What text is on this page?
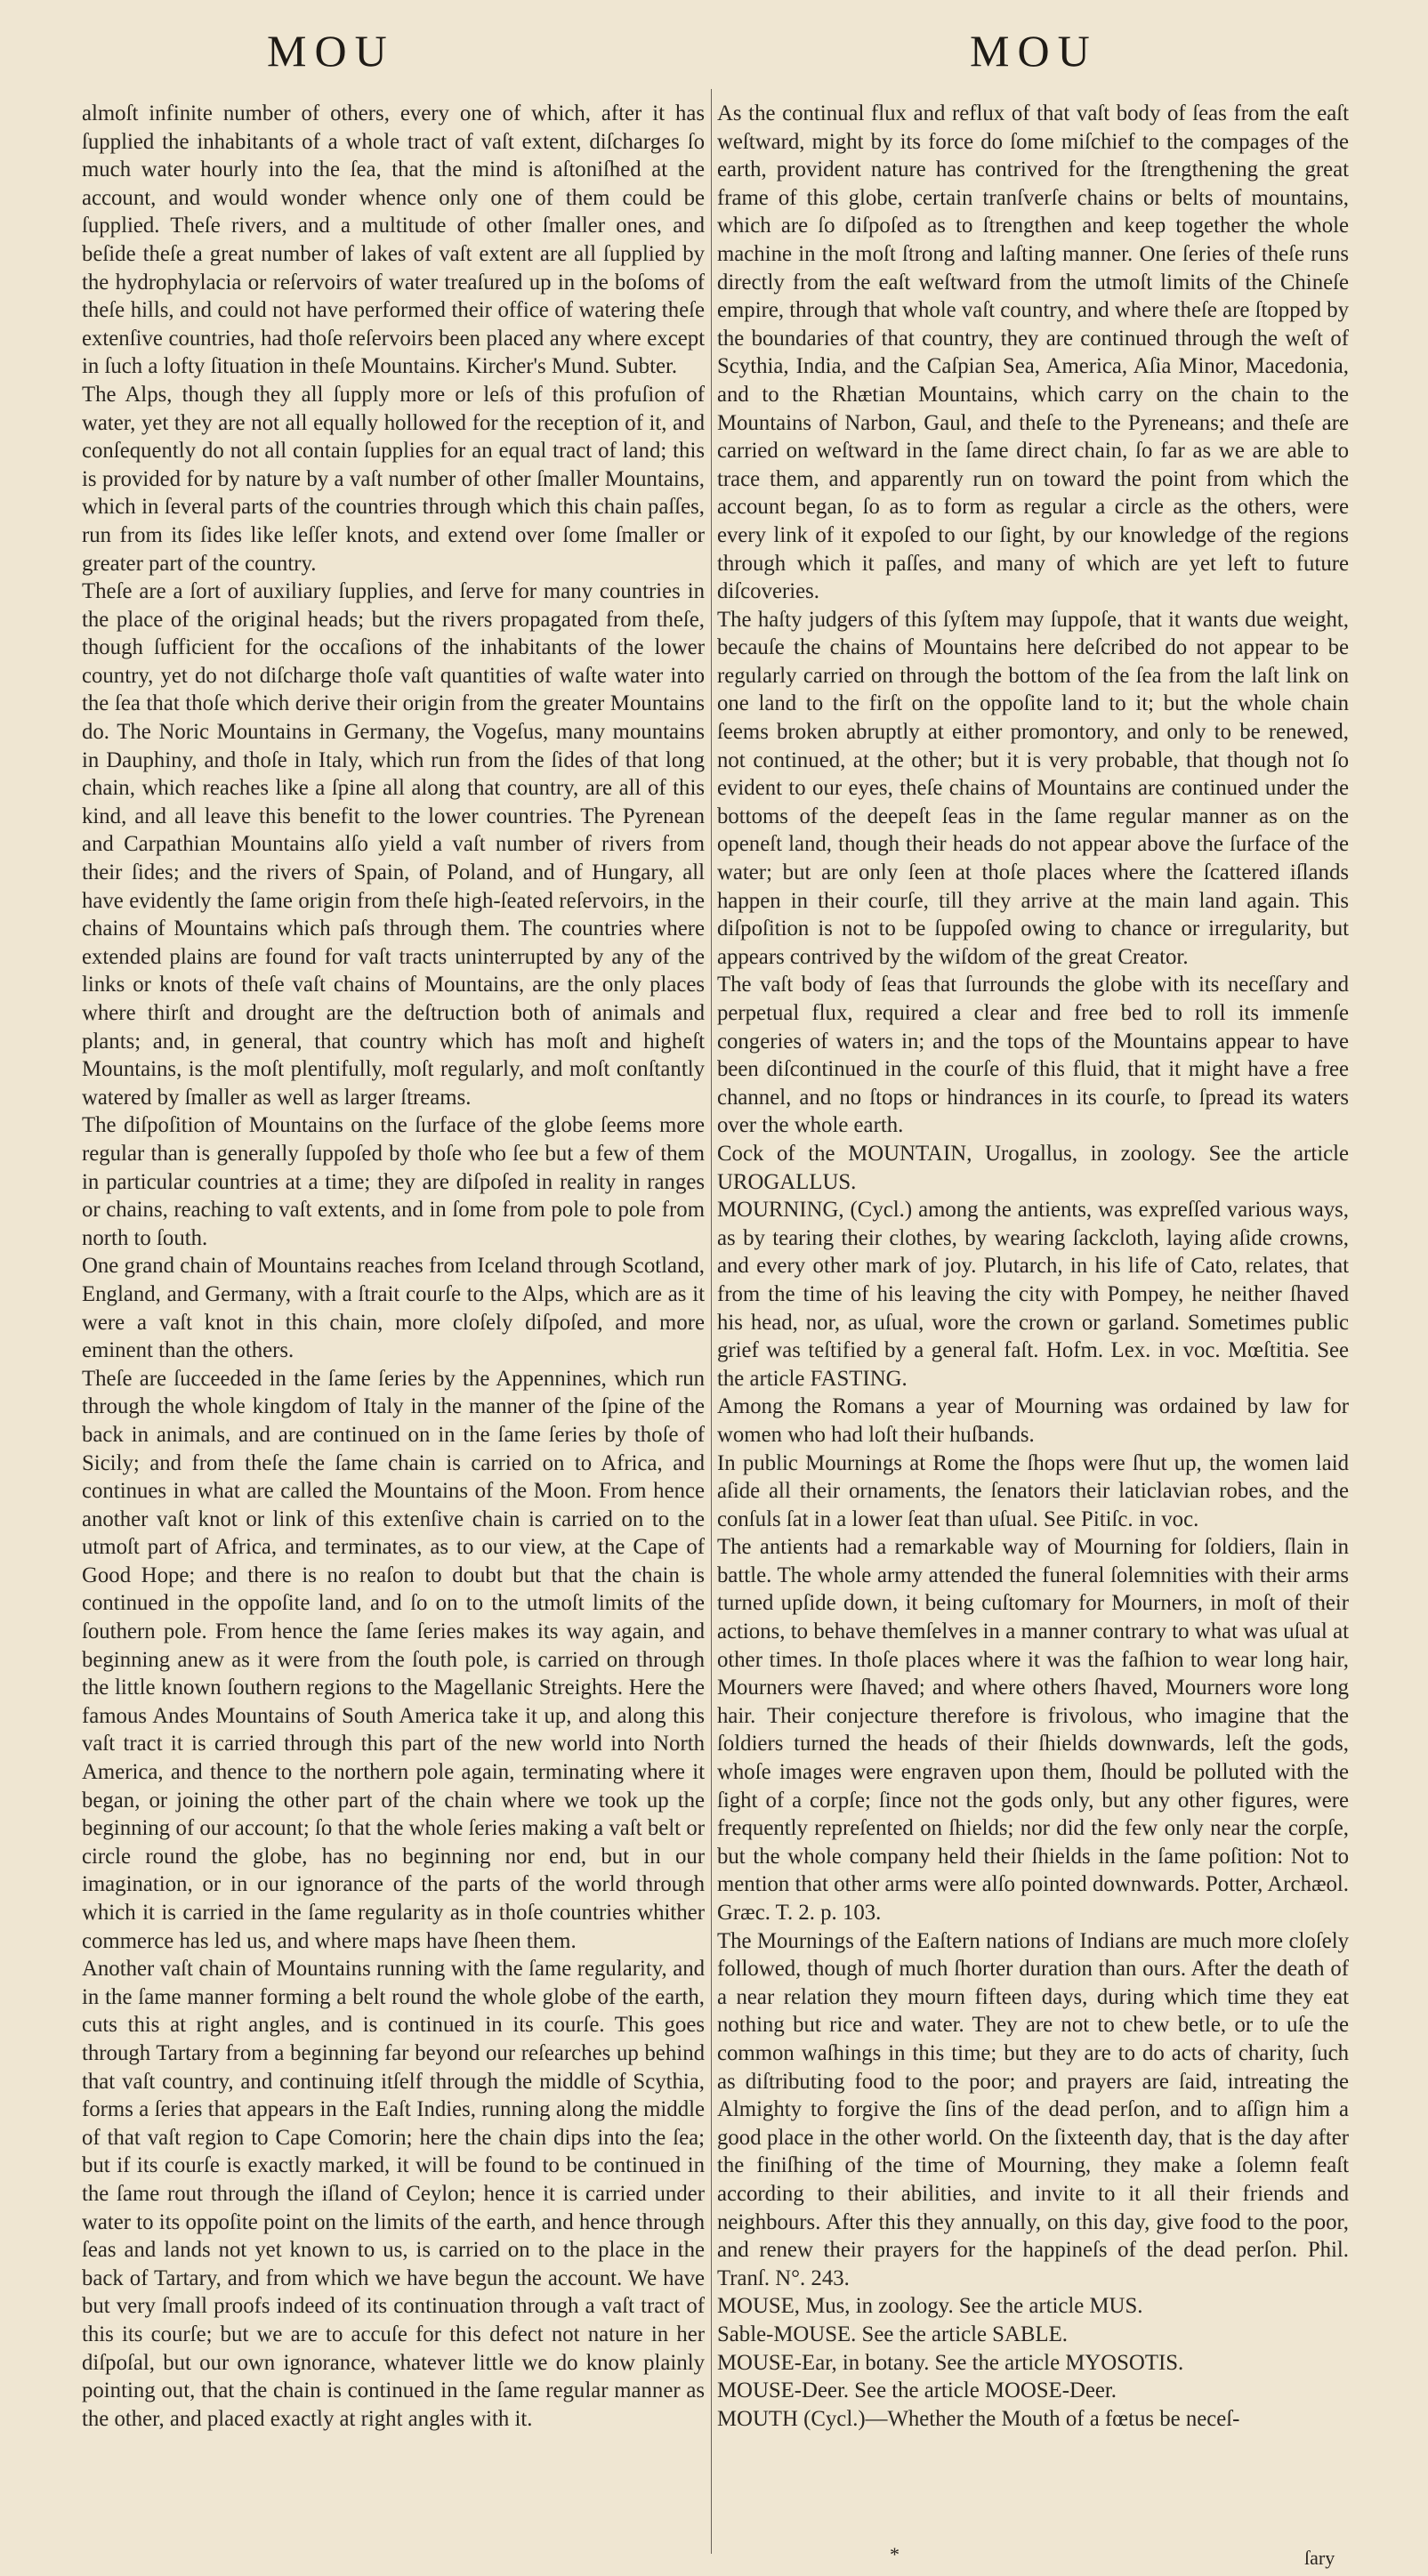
MOU	MOU

almoſt infinite number of others, every one of which, after it has ſupplied the inhabitants of a whole tract of vaſt extent, diſcharges ſo much water hourly into the ſea, that the mind is aſtoniſhed at the account, and would wonder whence only one of them could be ſupplied. Theſe rivers, and a multitude of other ſmaller ones, and beſide theſe a great number of lakes of vaſt extent are all ſupplied by the hydrophylacia or reſervoirs of water treaſured up in the boſoms of theſe hills, and could not have performed their office of watering theſe extenſive countries, had thoſe reſervoirs been placed any where except in ſuch a lofty ſituation in theſe Mountains. Kircher's Mund. Subter.

The Alps, though they all ſupply more or leſs of this profuſion of water, yet they are not all equally hollowed for the reception of it, and conſequently do not all contain ſupplies for an equal tract of land; this is provided for by nature by a vaſt number of other ſmaller Mountains, which in ſeveral parts of the countries through which this chain paſſes, run from its ſides like leſſer knots, and extend over ſome ſmaller or greater part of the country.

Theſe are a ſort of auxiliary ſupplies, and ſerve for many countries in the place of the original heads; but the rivers propagated from theſe, though ſufficient for the occaſions of the inhabitants of the lower country, yet do not diſcharge thoſe vaſt quantities of waſte water into the ſea that thoſe which derive their origin from the greater Mountains do. The Noric Mountains in Germany, the Vogeſus, many mountains in Dauphiny, and thoſe in Italy, which run from the ſides of that long chain, which reaches like a ſpine all along that country, are all of this kind, and all leave this benefit to the lower countries. The Pyrenean and Carpathian Mountains alſo yield a vaſt number of rivers from their ſides; and the rivers of Spain, of Poland, and of Hungary, all have evidently the ſame origin from theſe high-ſeated reſervoirs, in the chains of Mountains which paſs through them. The countries where extended plains are found for vaſt tracts uninterrupted by any of the links or knots of theſe vaſt chains of Mountains, are the only places where thirſt and drought are the deſtruction both of animals and plants; and, in general, that country which has moſt and higheſt Mountains, is the moſt plentifully, moſt regularly, and moſt conſtantly watered by ſmaller as well as larger ſtreams.

The diſpoſition of Mountains on the ſurface of the globe ſeems more regular than is generally ſuppoſed by thoſe who ſee but a few of them in particular countries at a time; they are diſpoſed in reality in ranges or chains, reaching to vaſt extents, and in ſome from pole to pole from north to ſouth.

One grand chain of Mountains reaches from Iceland through Scotland, England, and Germany, with a ſtrait courſe to the Alps, which are as it were a vaſt knot in this chain, more cloſely diſpoſed, and more eminent than the others.

Theſe are ſucceeded in the ſame ſeries by the Appennines, which run through the whole kingdom of Italy in the manner of the ſpine of the back in animals, and are continued on in the ſame ſeries by thoſe of Sicily; and from theſe the ſame chain is carried on to Africa, and continues in what are called the Mountains of the Moon. From hence another vaſt knot or link of this extenſive chain is carried on to the utmoſt part of Africa, and terminates, as to our view, at the Cape of Good Hope; and there is no reaſon to doubt but that the chain is continued in the oppoſite land, and ſo on to the utmoſt limits of the ſouthern pole. From hence the ſame ſeries makes its way again, and beginning anew as it were from the ſouth pole, is carried on through the little known ſouthern regions to the Magellanic Streights. Here the famous Andes Mountains of South America take it up, and along this vaſt tract it is carried through this part of the new world into North America, and thence to the northern pole again, terminating where it began, or joining the other part of the chain where we took up the beginning of our account; ſo that the whole ſeries making a vaſt belt or circle round the globe, has no beginning nor end, but in our imagination, or in our ignorance of the parts of the world through which it is carried in the ſame regularity as in thoſe countries whither commerce has led us, and where maps have ſheen them.

Another vaſt chain of Mountains running with the ſame regularity, and in the ſame manner forming a belt round the whole globe of the earth, cuts this at right angles, and is continued in its courſe. This goes through Tartary from a beginning far beyond our reſearches up behind that vaſt country, and continuing itſelf through the middle of Scythia, forms a ſeries that appears in the Eaſt Indies, running along the middle of that vaſt region to Cape Comorin; here the chain dips into the ſea; but if its courſe is exactly marked, it will be found to be continued in the ſame rout through the iſland of Ceylon; hence it is carried under water to its oppoſite point on the limits of the earth, and hence through ſeas and lands not yet known to us, is carried on to the place in the back of Tartary, and from which we have begun the account. We have but very ſmall proofs indeed of its continuation through a vaſt tract of this its courſe; but we are to accuſe for this defect not nature in her diſpoſal, but our own ignorance, whatever little we do know plainly pointing out, that the chain is continued in the ſame regular manner as the other, and placed exactly at right angles with it.

As the continual flux and reflux of that vaſt body of ſeas from the eaſt weſtward, might by its force do ſome miſchief to the compages of the earth, provident nature has contrived for the ſtrengthening the great frame of this globe, certain tranſverſe chains or belts of mountains, which are ſo diſpoſed as to ſtrengthen and keep together the whole machine in the moſt ſtrong and laſting manner. One ſeries of theſe runs directly from the eaſt weſtward from the utmoſt limits of the Chineſe empire, through that whole vaſt country, and where theſe are ſtopped by the boundaries of that country, they are continued through the weſt of Scythia, India, and the Caſpian Sea, America, Aſia Minor, Macedonia, and to the Rhætian Mountains, which carry on the chain to the Mountains of Narbon, Gaul, and theſe to the Pyreneans; and theſe are carried on weſtward in the ſame direct chain, ſo far as we are able to trace them, and apparently run on toward the point from which the account began, ſo as to form as regular a circle as the others, were every link of it expoſed to our ſight, by our knowledge of the regions through which it paſſes, and many of which are yet left to future diſcoveries.

The haſty judgers of this ſyſtem may ſuppoſe, that it wants due weight, becauſe the chains of Mountains here deſcribed do not appear to be regularly carried on through the bottom of the ſea from the laſt link on one land to the firſt on the oppoſite land to it; but the whole chain ſeems broken abruptly at either promontory, and only to be renewed, not continued, at the other; but it is very probable, that though not ſo evident to our eyes, theſe chains of Mountains are continued under the bottoms of the deepeſt ſeas in the ſame regular manner as on the openeſt land, though their heads do not appear above the ſurface of the water; but are only ſeen at thoſe places where the ſcattered iſlands happen in their courſe, till they arrive at the main land again. This diſpoſition is not to be ſuppoſed owing to chance or irregularity, but appears contrived by the wiſdom of the great Creator.

The vaſt body of ſeas that ſurrounds the globe with its neceſſary and perpetual flux, required a clear and free bed to roll its immenſe congeries of waters in; and the tops of the Mountains appear to have been diſcontinued in the courſe of this fluid, that it might have a free channel, and no ſtops or hindrances in its courſe, to ſpread its waters over the whole earth.

Cock of the MOUNTAIN, Urogallus, in zoology. See the article UROGALLUS.

MOURNING, (Cycl.) among the antients, was expreſſed various ways, as by tearing their clothes, by wearing ſackcloth, laying aſide crowns, and every other mark of joy. Plutarch, in his life of Cato, relates, that from the time of his leaving the city with Pompey, he neither ſhaved his head, nor, as uſual, wore the crown or garland. Sometimes public grief was teſtified by a general faſt. Hofm. Lex. in voc. Mœſtitia. See the article FASTING.

Among the Romans a year of Mourning was ordained by law for women who had loſt their huſbands.

In public Mournings at Rome the ſhops were ſhut up, the women laid aſide all their ornaments, the ſenators their laticlavian robes, and the conſuls ſat in a lower ſeat than uſual. See Pitiſc. in voc.

The antients had a remarkable way of Mourning for ſoldiers, ſlain in battle. The whole army attended the funeral ſolemnities with their arms turned upſide down, it being cuſtomary for Mourners, in moſt of their actions, to behave themſelves in a manner contrary to what was uſual at other times. In thoſe places where it was the faſhion to wear long hair, Mourners were ſhaved; and where others ſhaved, Mourners wore long hair. Their conjecture therefore is frivolous, who imagine that the ſoldiers turned the heads of their ſhields downwards, leſt the gods, whoſe images were engraven upon them, ſhould be polluted with the ſight of a corpſe; ſince not the gods only, but any other figures, were frequently repreſented on ſhields; nor did the few only near the corpſe, but the whole company held their ſhields in the ſame poſition: Not to mention that other arms were alſo pointed downwards. Potter, Archæol. Græc. T. 2. p. 103.

The Mournings of the Eaſtern nations of Indians are much more cloſely followed, though of much ſhorter duration than ours. After the death of a near relation they mourn fifteen days, during which time they eat nothing but rice and water. They are not to chew betle, or to uſe the common waſhings in this time; but they are to do acts of charity, ſuch as diſtributing food to the poor; and prayers are ſaid, intreating the Almighty to forgive the ſins of the dead perſon, and to aſſign him a good place in the other world. On the ſixteenth day, that is the day after the finiſhing of the time of Mourning, they make a ſolemn feaſt according to their abilities, and invite to it all their friends and neighbours. After this they annually, on this day, give food to the poor, and renew their prayers for the happineſs of the dead perſon. Phil. Tranſ. N°. 243.

MOUSE, Mus, in zoology. See the article MUS.

Sable-MOUSE. See the article SABLE.

MOUSE-Ear, in botany. See the article MYOSOTIS.

MOUSE-Deer. See the article MOOSE-Deer.

MOUTH (Cycl.)—Whether the Mouth of a fœtus be neceſ-

*	ſary
